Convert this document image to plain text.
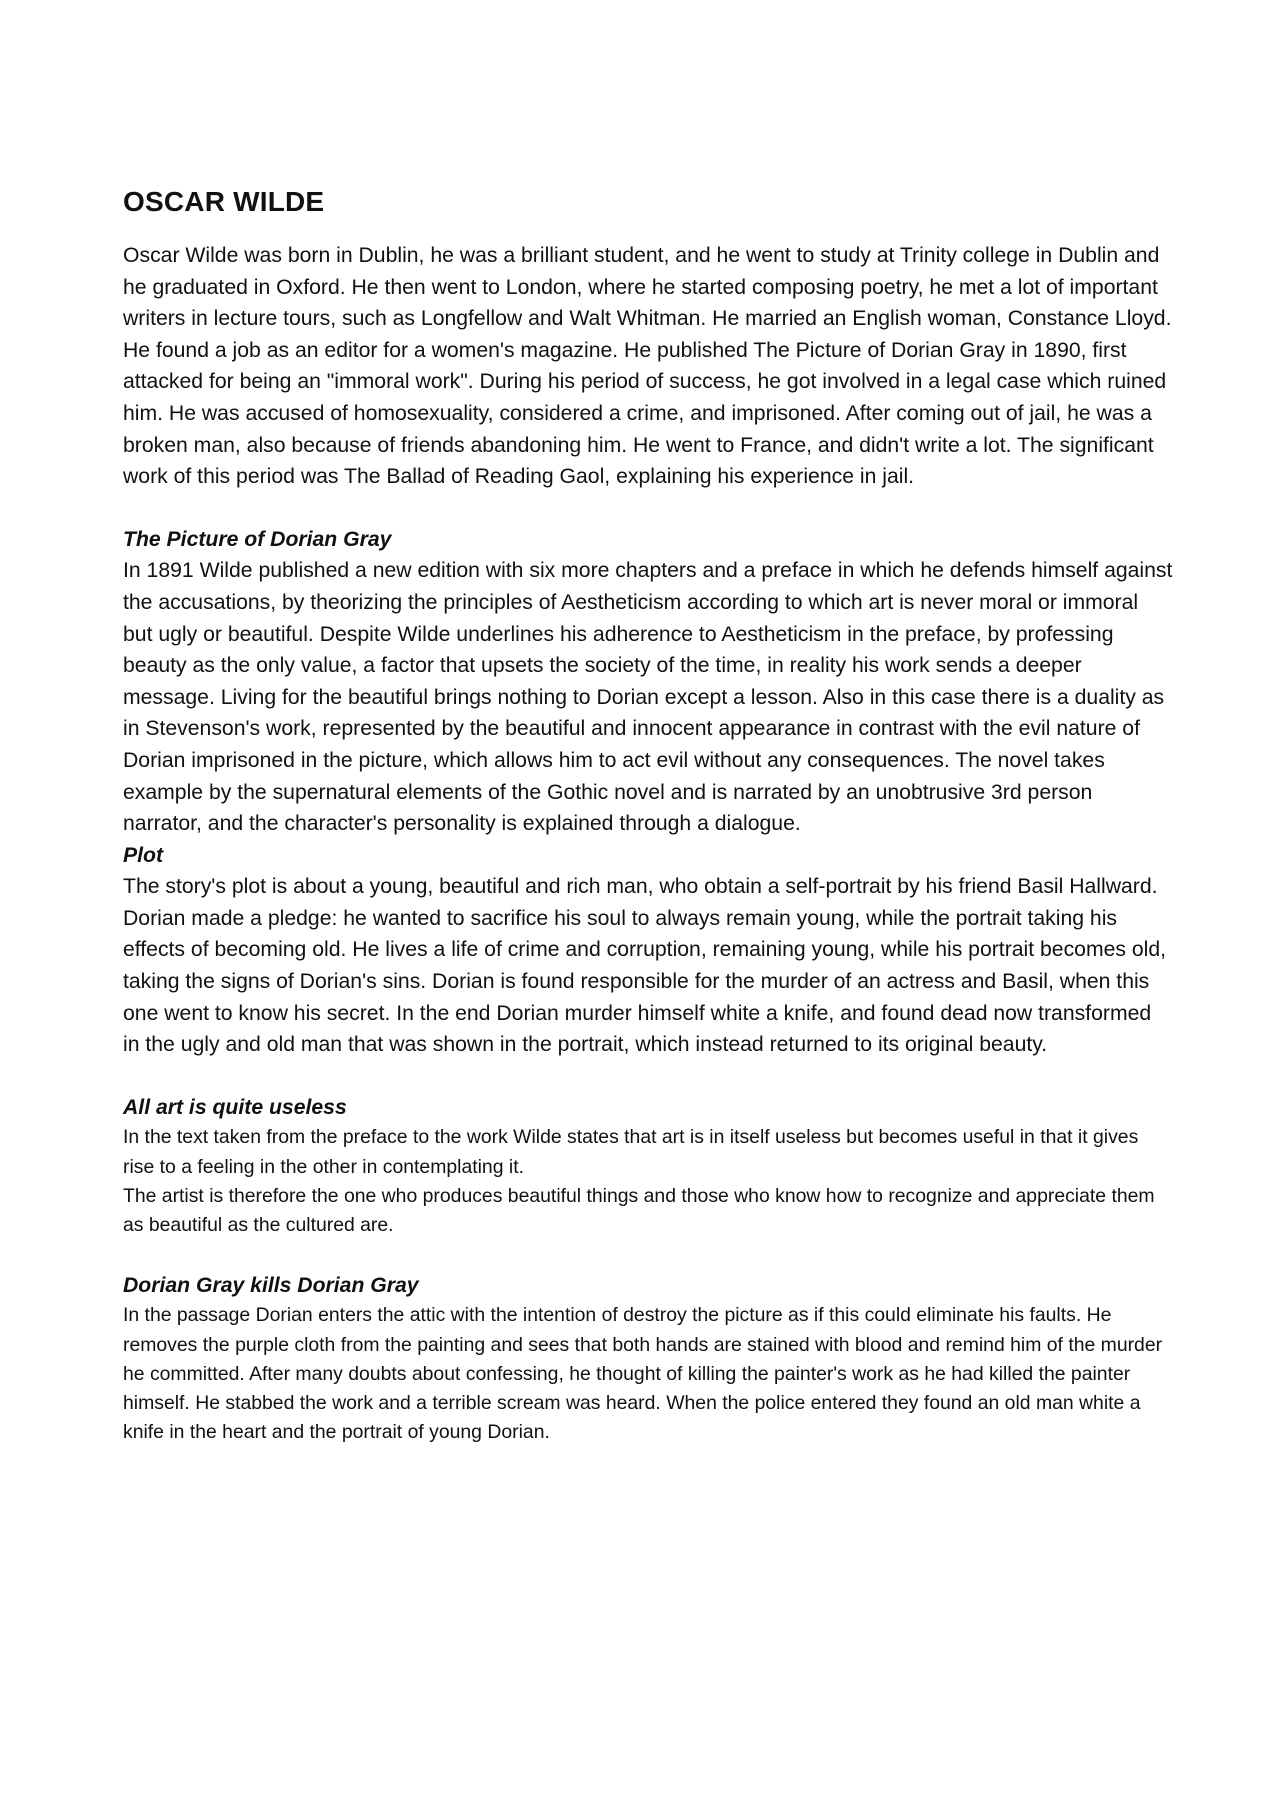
OSCAR WILDE

Oscar Wilde was born in Dublin, he was a brilliant student, and he went to study at Trinity college in Dublin and he graduated in Oxford. He then went to London, where he started composing poetry, he met a lot of important writers in lecture tours, such as Longfellow and Walt Whitman. He married an English woman, Constance Lloyd. He found a job as an editor for a women's magazine. He published The Picture of Dorian Gray in 1890, first attacked for being an "immoral work". During his period of success, he got involved in a legal case which ruined him. He was accused of homosexuality, considered a crime, and imprisoned. After coming out of jail, he was a broken man, also because of friends abandoning him. He went to France, and didn't write a lot. The significant work of this period was The Ballad of Reading Gaol, explaining his experience in jail.

The Picture of Dorian Gray

In 1891 Wilde published a new edition with six more chapters and a preface in which he defends himself against the accusations, by theorizing the principles of Aestheticism according to which art is never moral or immoral but ugly or beautiful. Despite Wilde underlines his adherence to Aestheticism in the preface, by professing beauty as the only value, a factor that upsets the society of the time, in reality his work sends a deeper message. Living for the beautiful brings nothing to Dorian except a lesson. Also in this case there is a duality as in Stevenson's work, represented by the beautiful and innocent appearance in contrast with the evil nature of Dorian imprisoned in the picture, which allows him to act evil without any consequences. The novel takes example by the supernatural elements of the Gothic novel and is narrated by an unobtrusive 3rd person narrator, and the character's personality is explained through a dialogue.

Plot

The story's plot is about a young, beautiful and rich man, who obtain a self-portrait by his friend Basil Hallward. Dorian made a pledge: he wanted to sacrifice his soul to always remain young, while the portrait taking his effects of becoming old. He lives a life of crime and corruption, remaining young, while his portrait becomes old, taking the signs of Dorian's sins. Dorian is found responsible for the murder of an actress and Basil, when this one went to know his secret. In the end Dorian murder himself white a knife, and found dead now transformed in the ugly and old man that was shown in the portrait, which instead returned to its original beauty.

All art is quite useless

In the text taken from the preface to the work Wilde states that art is in itself useless but becomes useful in that it gives rise to a feeling in the other in contemplating it.

The artist is therefore the one who produces beautiful things and those who know how to recognize and appreciate them as beautiful as the cultured are.

Dorian Gray kills Dorian Gray

In the passage Dorian enters the attic with the intention of destroy the picture as if this could eliminate his faults. He removes the purple cloth from the painting and sees that both hands are stained with blood and remind him of the murder he committed. After many doubts about confessing, he thought of killing the painter's work as he had killed the painter himself. He stabbed the work and a terrible scream was heard. When the police entered they found an old man white a knife in the heart and the portrait of young Dorian.
